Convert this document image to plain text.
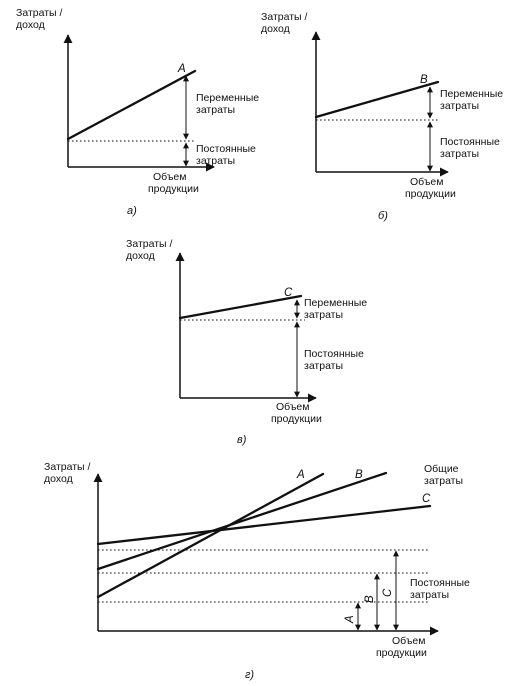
Затраты /
доход
A
Переменные
затраты
Постоянные
затраты
Объем
продукции
а)
Затраты /
доход
B
Переменные
затраты
Постоянные
затраты
Объем
продукции
б)
Затраты /
доход
C
Переменные
затраты
Постоянные
затраты
Объем
продукции
в)
Затраты /
доход	A	B
C
Общие
затраты
A
B
C
Постоянные
затраты
Объем
продукции
г)
